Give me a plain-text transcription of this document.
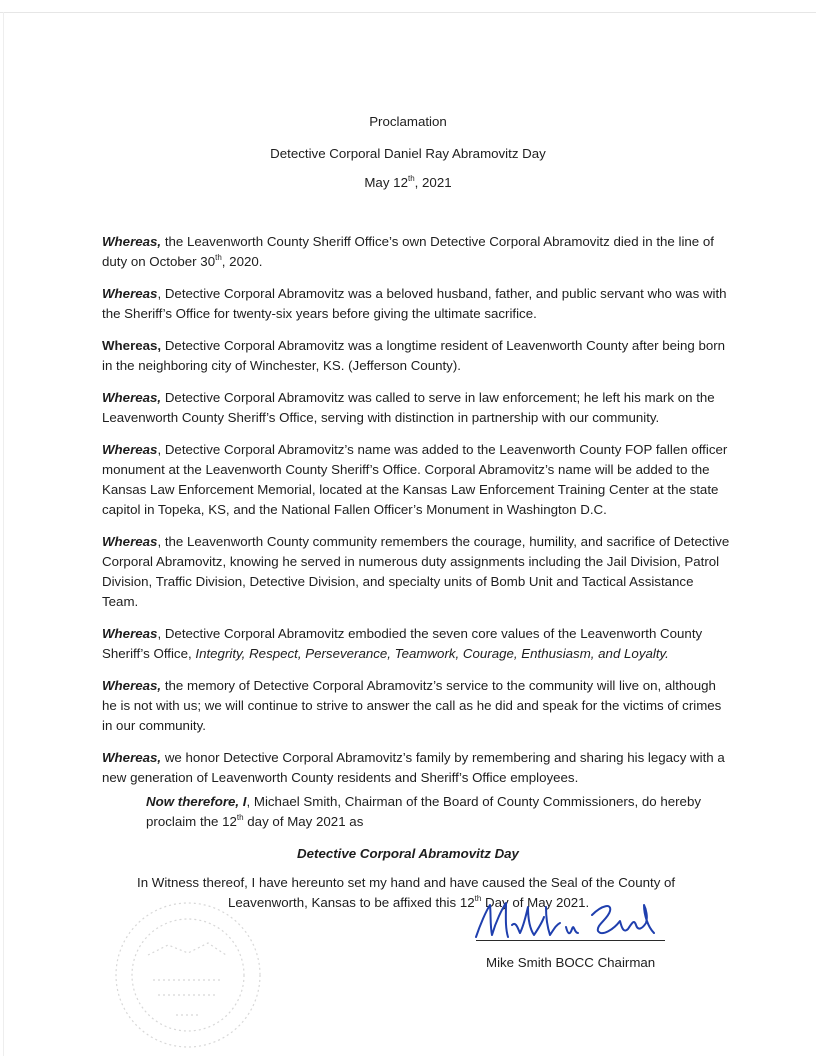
Proclamation
Detective Corporal Daniel Ray Abramovitz Day
May 12th, 2021

Whereas, the Leavenworth County Sheriff Office’s own Detective Corporal Abramovitz died in the line of duty on October 30th, 2020.

Whereas, Detective Corporal Abramovitz was a beloved husband, father, and public servant who was with the Sheriff’s Office for twenty-six years before giving the ultimate sacrifice.

Whereas, Detective Corporal Abramovitz was a longtime resident of Leavenworth County after being born in the neighboring city of Winchester, KS. (Jefferson County).

Whereas, Detective Corporal Abramovitz was called to serve in law enforcement; he left his mark on the Leavenworth County Sheriff’s Office, serving with distinction in partnership with our community.

Whereas, Detective Corporal Abramovitz’s name was added to the Leavenworth County FOP fallen officer monument at the Leavenworth County Sheriff’s Office. Corporal Abramovitz’s name will be added to the Kansas Law Enforcement Memorial, located at the Kansas Law Enforcement Training Center at the state capitol in Topeka, KS, and the National Fallen Officer’s Monument in Washington D.C.

Whereas, the Leavenworth County community remembers the courage, humility, and sacrifice of Detective Corporal Abramovitz, knowing he served in numerous duty assignments including the Jail Division, Patrol Division, Traffic Division, Detective Division, and specialty units of Bomb Unit and Tactical Assistance Team.

Whereas, Detective Corporal Abramovitz embodied the seven core values of the Leavenworth County Sheriff’s Office, Integrity, Respect, Perseverance, Teamwork, Courage, Enthusiasm, and Loyalty.

Whereas, the memory of Detective Corporal Abramovitz’s service to the community will live on, although he is not with us; we will continue to strive to answer the call as he did and speak for the victims of crimes in our community.

Whereas, we honor Detective Corporal Abramovitz’s family by remembering and sharing his legacy with a new generation of Leavenworth County residents and Sheriff’s Office employees.

Now therefore, I, Michael Smith, Chairman of the Board of County Commissioners, do hereby proclaim the 12th day of May 2021 as
Detective Corporal Abramovitz Day
In Witness thereof, I have hereunto set my hand and have caused the Seal of the County of
Leavenworth, Kansas to be affixed this 12th Day of May 2021.
Mike Smith BOCC Chairman
